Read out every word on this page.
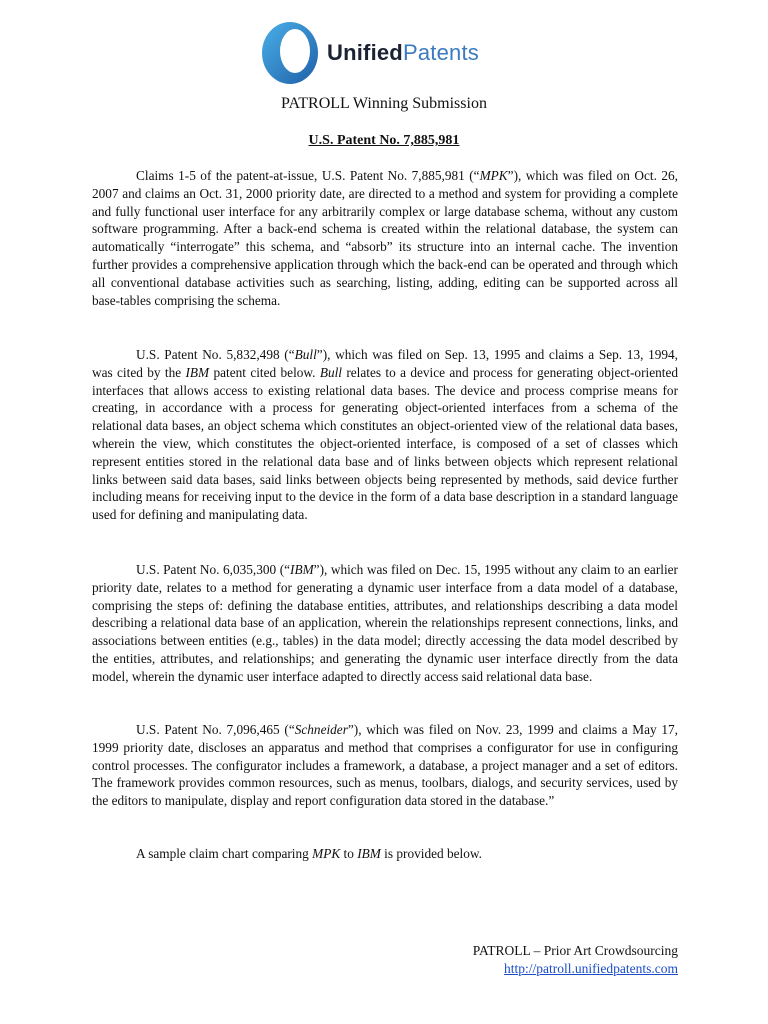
UnifiedPatents
PATROLL Winning Submission
U.S. Patent No. 7,885,981

Claims 1-5 of the patent-at-issue, U.S. Patent No. 7,885,981 (“MPK”), which was filed on Oct. 26, 2007 and claims an Oct. 31, 2000 priority date, are directed to a method and system for providing a complete and fully functional user interface for any arbitrarily complex or large database schema, without any custom software programming. After a back-end schema is created within the relational database, the system can automatically “interrogate” this schema, and “absorb” its structure into an internal cache. The invention further provides a comprehensive application through which the back-end can be operated and through which all conventional database activities such as searching, listing, adding, editing can be supported across all base-tables comprising the schema.

U.S. Patent No. 5,832,498 (“Bull”), which was filed on Sep. 13, 1995 and claims a Sep. 13, 1994, was cited by the IBM patent cited below. Bull relates to a device and process for generating object-oriented interfaces that allows access to existing relational data bases. The device and process comprise means for creating, in accordance with a process for generating object-oriented interfaces from a schema of the relational data bases, an object schema which constitutes an object-oriented view of the relational data bases, wherein the view, which constitutes the object-oriented interface, is composed of a set of classes which represent entities stored in the relational data base and of links between objects which represent relational links between said data bases, said links between objects being represented by methods, said device further including means for receiving input to the device in the form of a data base description in a standard language used for defining and manipulating data.

U.S. Patent No. 6,035,300 (“IBM”), which was filed on Dec. 15, 1995 without any claim to an earlier priority date, relates to a method for generating a dynamic user interface from a data model of a database, comprising the steps of: defining the database entities, attributes, and relationships describing a data model describing a relational data base of an application, wherein the relationships represent connections, links, and associations between entities (e.g., tables) in the data model; directly accessing the data model described by the entities, attributes, and relationships; and generating the dynamic user interface directly from the data model, wherein the dynamic user interface adapted to directly access said relational data base.

U.S. Patent No. 7,096,465 (“Schneider”), which was filed on Nov. 23, 1999 and claims a May 17, 1999 priority date, discloses an apparatus and method that comprises a configurator for use in configuring control processes. The configurator includes a framework, a database, a project manager and a set of editors. The framework provides common resources, such as menus, toolbars, dialogs, and security services, used by the editors to manipulate, display and report configuration data stored in the database.”

A sample claim chart comparing MPK to IBM is provided below.

PATROLL – Prior Art Crowdsourcing
http://patroll.unifiedpatents.com
